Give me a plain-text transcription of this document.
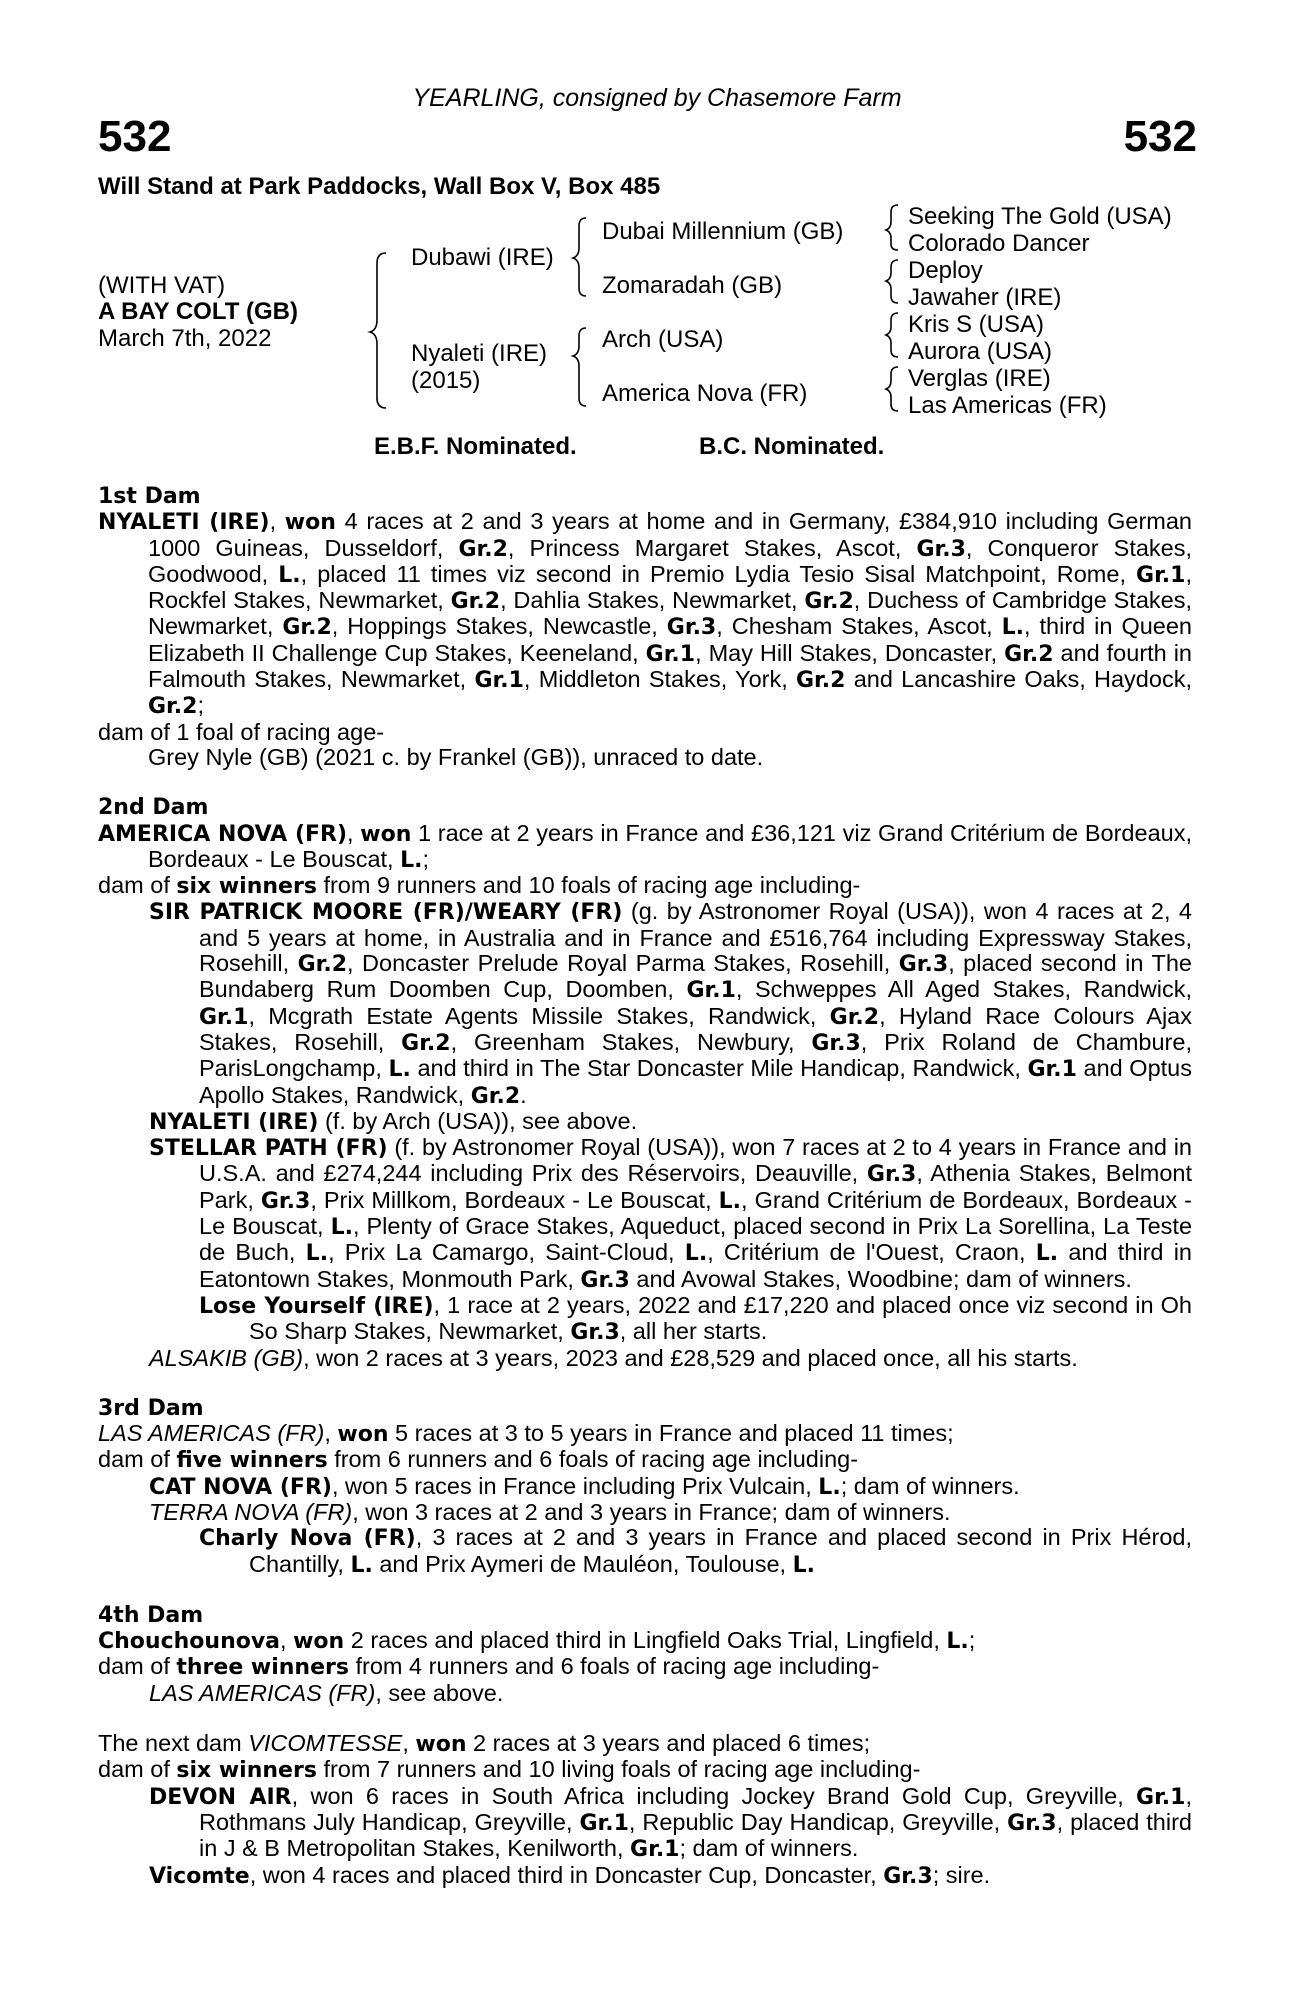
YEARLING, consigned by Chasemore Farm
532	532
Will Stand at Park Paddocks, Wall Box V, Box 485
(WITH VAT)
A BAY COLT (GB)
March 7th, 2022
Dubawi (IRE)
Nyaleti (IRE)
(2015)
Dubai Millennium (GB)
Zomaradah (GB)
Arch (USA)
America Nova (FR)
Seeking The Gold (USA)
Colorado Dancer
Deploy
Jawaher (IRE)
Kris S (USA)
Aurora (USA)
Verglas (IRE)
Las Americas (FR)
E.B.F. Nominated.	B.C. Nominated.

1st Dam

NYALETI (IRE), won 4 races at 2 and 3 years at home and in Germany, £384,910 including German 1000 Guineas, Dusseldorf, Gr.2, Princess Margaret Stakes, Ascot, Gr.3, Conqueror Stakes, Goodwood, L., placed 11 times viz second in Premio Lydia Tesio Sisal Matchpoint, Rome, Gr.1, Rockfel Stakes, Newmarket, Gr.2, Dahlia Stakes, Newmarket, Gr.2, Duchess of Cambridge Stakes, Newmarket, Gr.2, Hoppings Stakes, Newcastle, Gr.3, Chesham Stakes, Ascot, L., third in Queen Elizabeth II Challenge Cup Stakes, Keeneland, Gr.1, May Hill Stakes, Doncaster, Gr.2 and fourth in Falmouth Stakes, Newmarket, Gr.1, Middleton Stakes, York, Gr.2 and Lancashire Oaks, Haydock, Gr.2;

dam of 1 foal of racing age-

Grey Nyle (GB) (2021 c. by Frankel (GB)), unraced to date.

2nd Dam

AMERICA NOVA (FR), won 1 race at 2 years in France and £36,121 viz Grand Critérium de Bordeaux, Bordeaux - Le Bouscat, L.;

dam of six winners from 9 runners and 10 foals of racing age including-

SIR PATRICK MOORE (FR)/WEARY (FR) (g. by Astronomer Royal (USA)), won 4 races at 2, 4 and 5 years at home, in Australia and in France and £516,764 including Expressway Stakes, Rosehill, Gr.2, Doncaster Prelude Royal Parma Stakes, Rosehill, Gr.3, placed second in The Bundaberg Rum Doomben Cup, Doomben, Gr.1, Schweppes All Aged Stakes, Randwick, Gr.1, Mcgrath Estate Agents Missile Stakes, Randwick, Gr.2, Hyland Race Colours Ajax Stakes, Rosehill, Gr.2, Greenham Stakes, Newbury, Gr.3, Prix Roland de Chambure, ParisLongchamp, L. and third in The Star Doncaster Mile Handicap, Randwick, Gr.1 and Optus Apollo Stakes, Randwick, Gr.2.

NYALETI (IRE) (f. by Arch (USA)), see above.

STELLAR PATH (FR) (f. by Astronomer Royal (USA)), won 7 races at 2 to 4 years in France and in U.S.A. and £274,244 including Prix des Réservoirs, Deauville, Gr.3, Athenia Stakes, Belmont Park, Gr.3, Prix Millkom, Bordeaux - Le Bouscat, L., Grand Critérium de Bordeaux, Bordeaux - Le Bouscat, L., Plenty of Grace Stakes, Aqueduct, placed second in Prix La Sorellina, La Teste de Buch, L., Prix La Camargo, Saint-Cloud, L., Critérium de l'Ouest, Craon, L. and third in Eatontown Stakes, Monmouth Park, Gr.3 and Avowal Stakes, Woodbine; dam of winners.

Lose Yourself (IRE), 1 race at 2 years, 2022 and £17,220 and placed once viz second in Oh So Sharp Stakes, Newmarket, Gr.3, all her starts.

ALSAKIB (GB), won 2 races at 3 years, 2023 and £28,529 and placed once, all his starts.

3rd Dam

LAS AMERICAS (FR), won 5 races at 3 to 5 years in France and placed 11 times;

dam of five winners from 6 runners and 6 foals of racing age including-

CAT NOVA (FR), won 5 races in France including Prix Vulcain, L.; dam of winners.

TERRA NOVA (FR), won 3 races at 2 and 3 years in France; dam of winners.

Charly Nova (FR), 3 races at 2 and 3 years in France and placed second in Prix Hérod, Chantilly, L. and Prix Aymeri de Mauléon, Toulouse, L.

4th Dam

Chouchounova, won 2 races and placed third in Lingfield Oaks Trial, Lingfield, L.;

dam of three winners from 4 runners and 6 foals of racing age including-

LAS AMERICAS (FR), see above.

The next dam VICOMTESSE, won 2 races at 3 years and placed 6 times;

dam of six winners from 7 runners and 10 living foals of racing age including-

DEVON AIR, won 6 races in South Africa including Jockey Brand Gold Cup, Greyville, Gr.1, Rothmans July Handicap, Greyville, Gr.1, Republic Day Handicap, Greyville, Gr.3, placed third in J & B Metropolitan Stakes, Kenilworth, Gr.1; dam of winners.

Vicomte, won 4 races and placed third in Doncaster Cup, Doncaster, Gr.3; sire.
